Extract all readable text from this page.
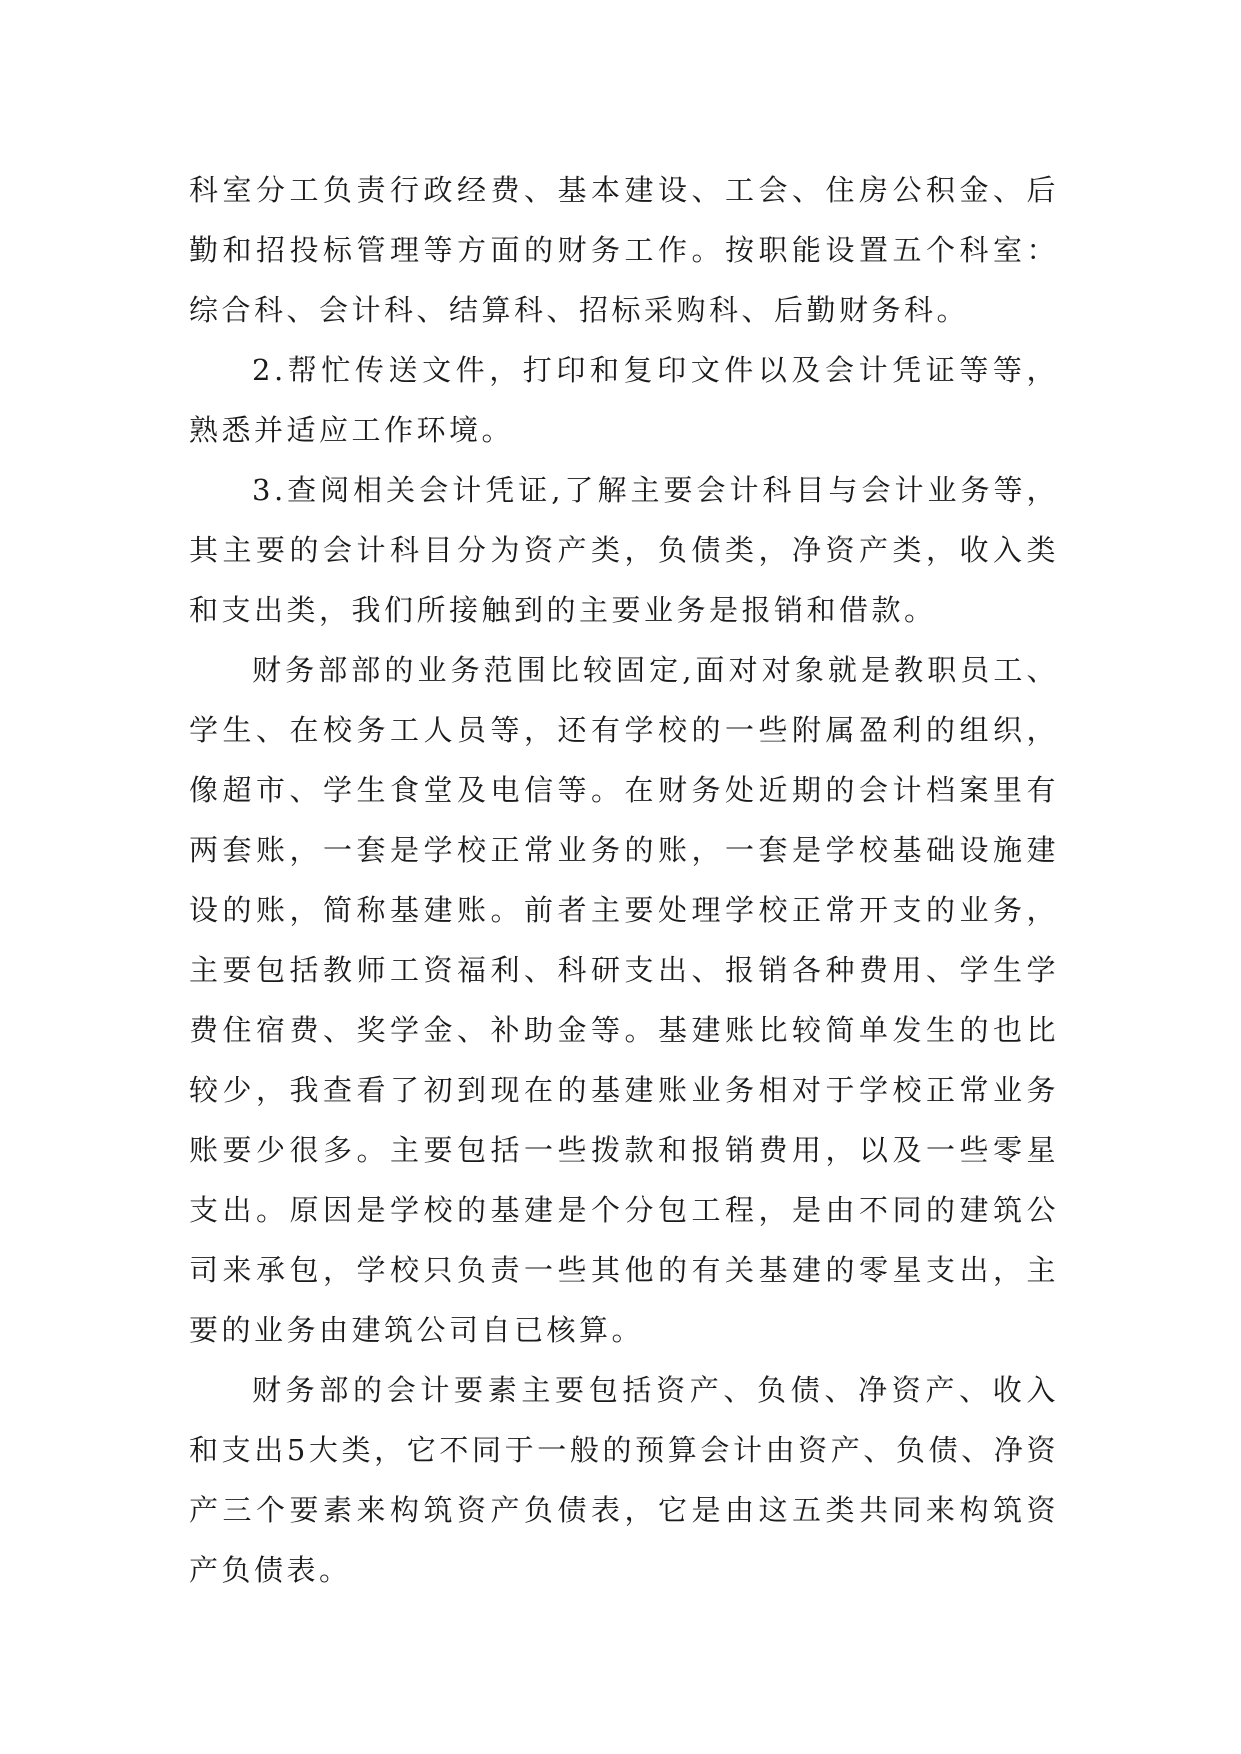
科室分工负责行政经费、基本建设、工会、住房公积金、后勤和招投标管理等方面的财务工作。按职能设置五个科室：综合科、会计科、结算科、招标采购科、后勤财务科。

2.帮忙传送文件，打印和复印文件以及会计凭证等等，熟悉并适应工作环境。

3.查阅相关会计凭证,了解主要会计科目与会计业务等，其主要的会计科目分为资产类，负债类，净资产类，收入类和支出类，我们所接触到的主要业务是报销和借款。

财务部部的业务范围比较固定,面对对象就是教职员工、学生、在校务工人员等，还有学校的一些附属盈利的组织，像超市、学生食堂及电信等。在财务处近期的会计档案里有两套账，一套是学校正常业务的账，一套是学校基础设施建设的账，简称基建账。前者主要处理学校正常开支的业务，主要包括教师工资福利、科研支出、报销各种费用、学生学费住宿费、奖学金、补助金等。基建账比较简单发生的也比较少，我查看了初到现在的基建账业务相对于学校正常业务账要少很多。主要包括一些拨款和报销费用，以及一些零星支出。原因是学校的基建是个分包工程，是由不同的建筑公司来承包，学校只负责一些其他的有关基建的零星支出，主要的业务由建筑公司自已核算。

财务部的会计要素主要包括资产、负债、净资产、收入和支出5大类，它不同于一般的预算会计由资产、负债、净资产三个要素来构筑资产负债表，它是由这五类共同来构筑资产负债表。
